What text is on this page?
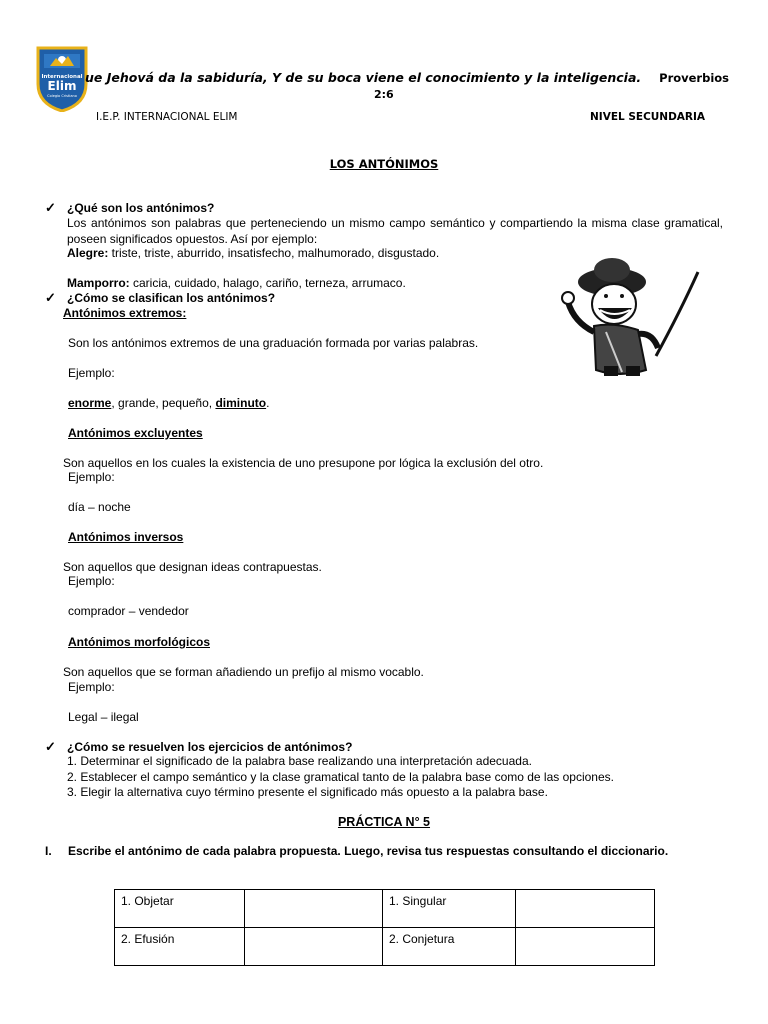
Internacional
Elim
Colegio Cristiano
ue Jehová da la sabiduría, Y de su boca viene el conocimiento y la inteligencia. Proverbios
2:6
I.E.P. INTERNACIONAL ELIM	NIVEL SECUNDARIA
LOS ANTÓNIMOS
✓ ¿Qué son los antónimos?
Los antónimos son palabras que perteneciendo un mismo campo semántico y compartiendo la misma clase gramatical, poseen significados opuestos. Así por ejemplo:
Alegre: triste, triste, aburrido, insatisfecho, malhumorado, disgustado.
Mamporro: caricia, cuidado, halago, cariño, terneza, arrumaco.
✓ ¿Cómo se clasifican los antónimos?
Antónimos extremos:
Son los antónimos extremos de una graduación formada por varias palabras.
Ejemplo:
enorme, grande, pequeño, diminuto.
Antónimos excluyentes
Son aquellos en los cuales la existencia de uno presupone por lógica la exclusión del otro.
Ejemplo:
día – noche
Antónimos inversos
Son aquellos que designan ideas contrapuestas.
Ejemplo:
comprador – vendedor
Antónimos morfológicos
Son aquellos que se forman añadiendo un prefijo al mismo vocablo.
Ejemplo:
Legal – ilegal
✓ ¿Cómo se resuelven los ejercicios de antónimos?
1. Determinar el significado de la palabra base realizando una interpretación adecuada.
2. Establecer el campo semántico y la clase gramatical tanto de la palabra base como de las opciones.
3. Elegir la alternativa cuyo término presente el significado más opuesto a la palabra base.
PRÁCTICA N° 5
I. Escribe el antónimo de cada palabra propuesta. Luego, revisa tus respuestas consultando el diccionario.
1. Objetar		1. Singular	
2. Efusión		2. Conjetura	
